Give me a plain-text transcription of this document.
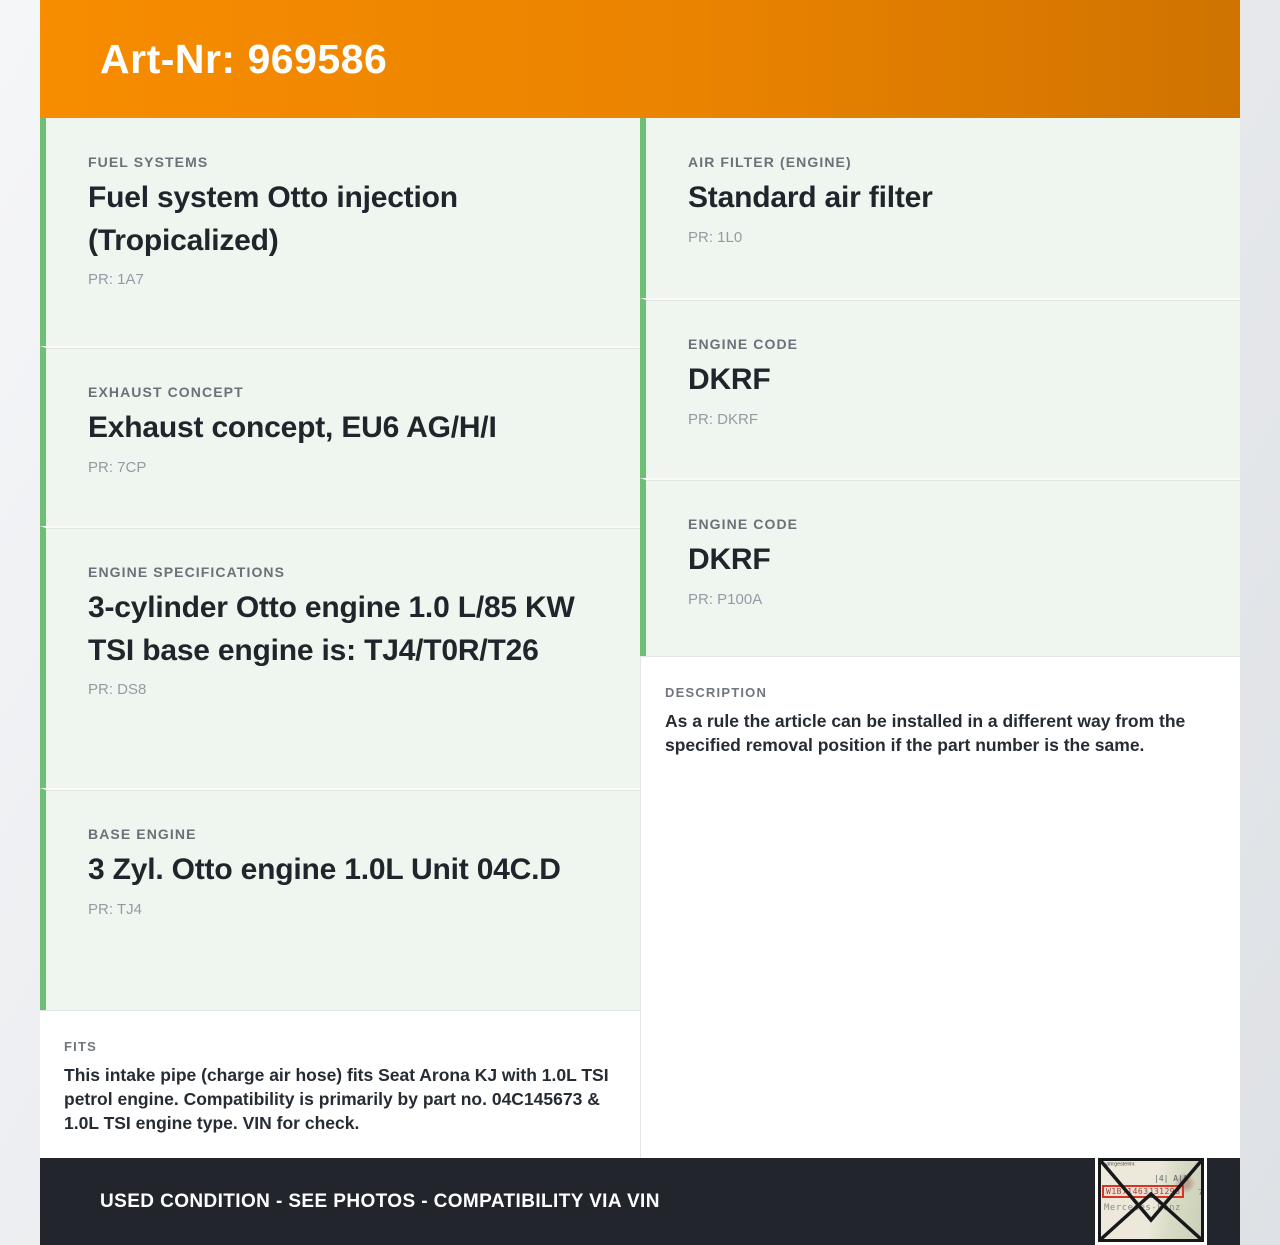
Art-Nr: 969586
FUEL SYSTEMS
Fuel system Otto injection (Tropicalized)
PR: 1A7
EXHAUST CONCEPT
Exhaust concept, EU6 AG/H/I
PR: 7CP
ENGINE SPECIFICATIONS
3-cylinder Otto engine 1.0 L/85 KW TSI base engine is: TJ4/T0R/T26
PR: DS8
BASE ENGINE
3 Zyl. Otto engine 1.0L Unit 04C.D
PR: TJ4
FITS
This intake pipe (charge air hose) fits Seat Arona KJ with 1.0L TSI petrol engine. Compatibility is primarily by part no. 04C145673 & 1.0L TSI engine type. VIN for check.
AIR FILTER (ENGINE)
Standard air filter
PR: 1L0
ENGINE CODE
DKRF
PR: DKRF
ENGINE CODE
DKRF
PR: P100A
DESCRIPTION
As a rule the article can be installed in a different way from the specified removal position if the part number is the same.

USED CONDITION - SEE PHOTOS - COMPATIBILITY VIA VIN

Fahrgestellnr.
|4| A|A
W1B71463J31298	7
Mercedes-Benz
